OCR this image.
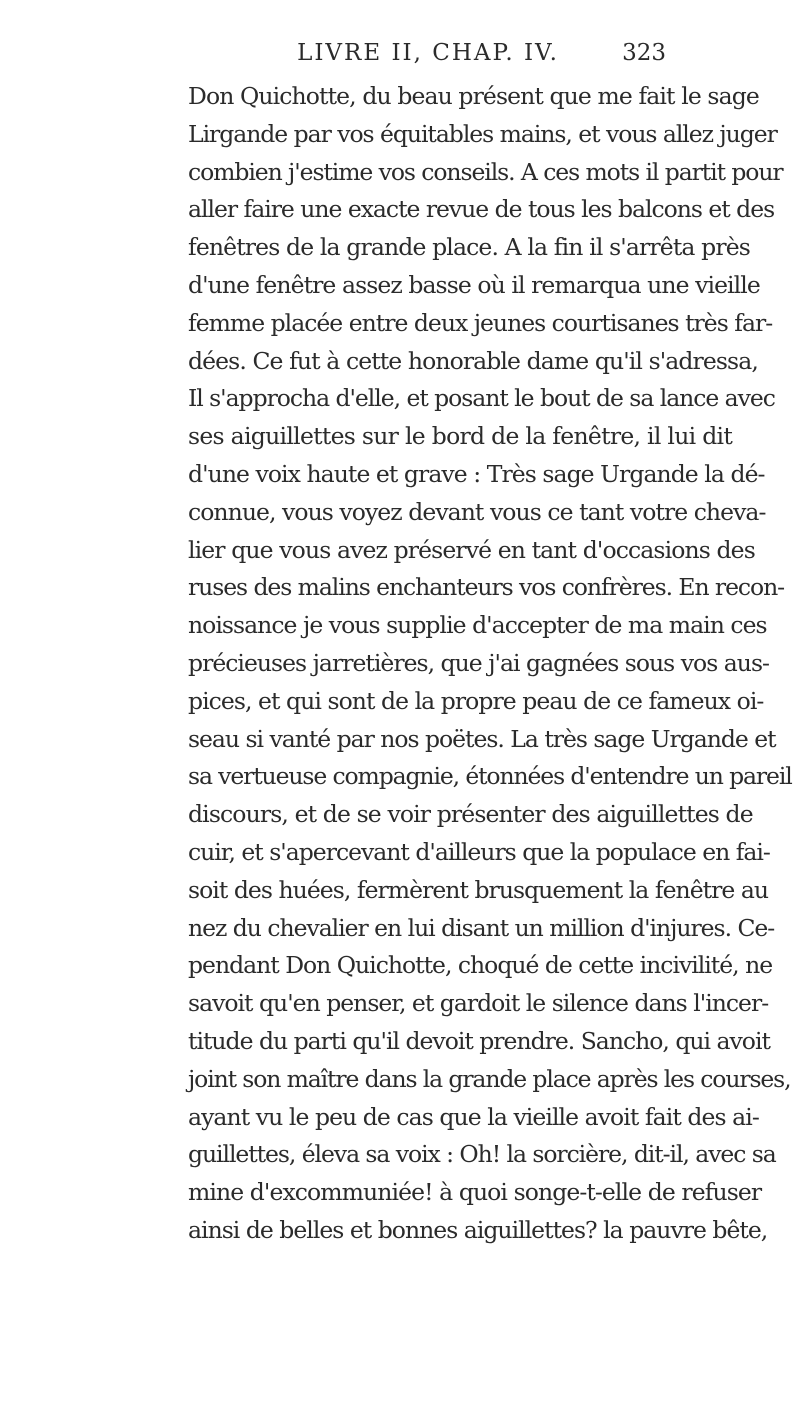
LIVRE II, CHAP. IV.	323
Don Quichotte, du beau présent que me fait le sage
Lirgande par vos équitables mains, et vous allez juger
combien j'estime vos conseils. A ces mots il partit pour
aller faire une exacte revue de tous les balcons et des
fenêtres de la grande place. A la fin il s'arrêta près
d'une fenêtre assez basse où il remarqua une vieille
femme placée entre deux jeunes courtisanes très far-
dées. Ce fut à cette honorable dame qu'il s'adressa,
Il s'approcha d'elle, et posant le bout de sa lance avec
ses aiguillettes sur le bord de la fenêtre, il lui dit
d'une voix haute et grave : Très sage Urgande la dé-
connue, vous voyez devant vous ce tant votre cheva-
lier que vous avez préservé en tant d'occasions des
ruses des malins enchanteurs vos confrères. En recon-
noissance je vous supplie d'accepter de ma main ces
précieuses jarretières, que j'ai gagnées sous vos aus-
pices, et qui sont de la propre peau de ce fameux oi-
seau si vanté par nos poëtes. La très sage Urgande et
sa vertueuse compagnie, étonnées d'entendre un pareil
discours, et de se voir présenter des aiguillettes de
cuir, et s'apercevant d'ailleurs que la populace en fai-
soit des huées, fermèrent brusquement la fenêtre au
nez du chevalier en lui disant un million d'injures. Ce-
pendant Don Quichotte, choqué de cette incivilité, ne
savoit qu'en penser, et gardoit le silence dans l'incer-
titude du parti qu'il devoit prendre. Sancho, qui avoit
joint son maître dans la grande place après les courses,
ayant vu le peu de cas que la vieille avoit fait des ai-
guillettes, éleva sa voix : Oh! la sorcière, dit-il, avec sa
mine d'excommuniée! à quoi songe-t-elle de refuser
ainsi de belles et bonnes aiguillettes? la pauvre bête,
